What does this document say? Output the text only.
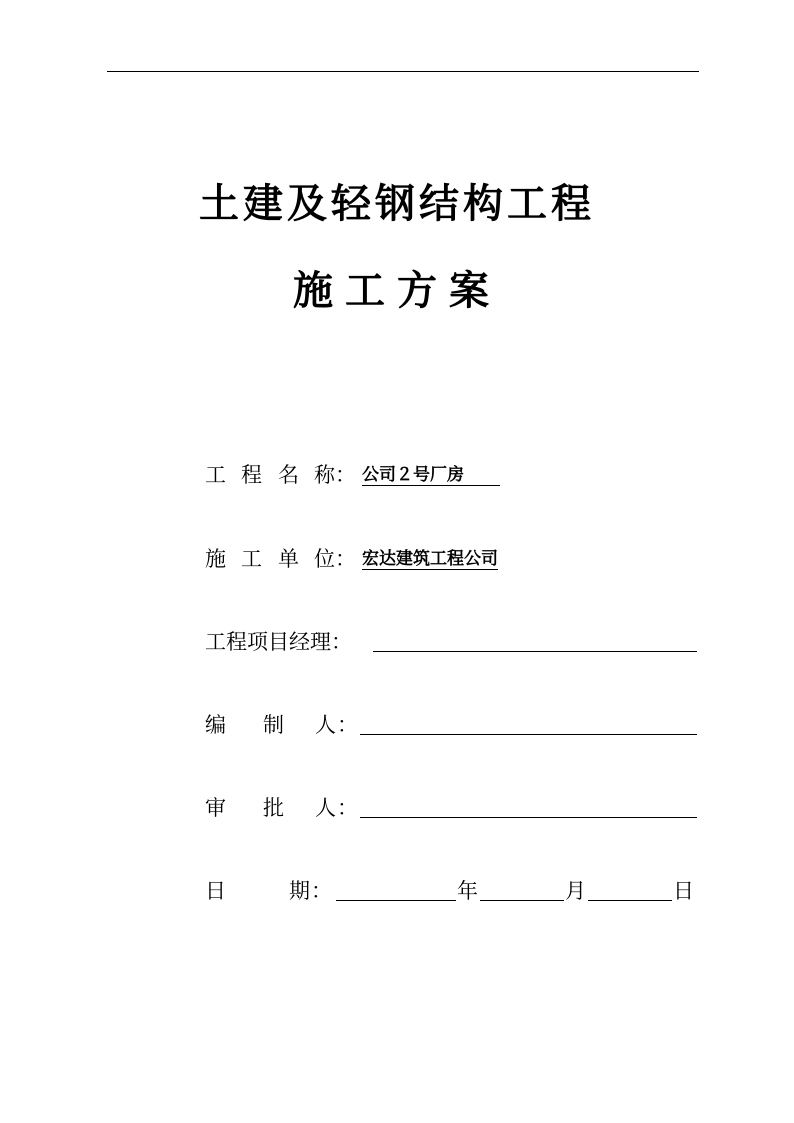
土建及轻钢结构工程
施工方案
工 程 名 称 ： 公司２号厂房
施 工 单 位 ： 宏达建筑工程公司
工程项目经理：
编 制 人 ：
审 批 人 ：
日	期 ：	年	月	日
